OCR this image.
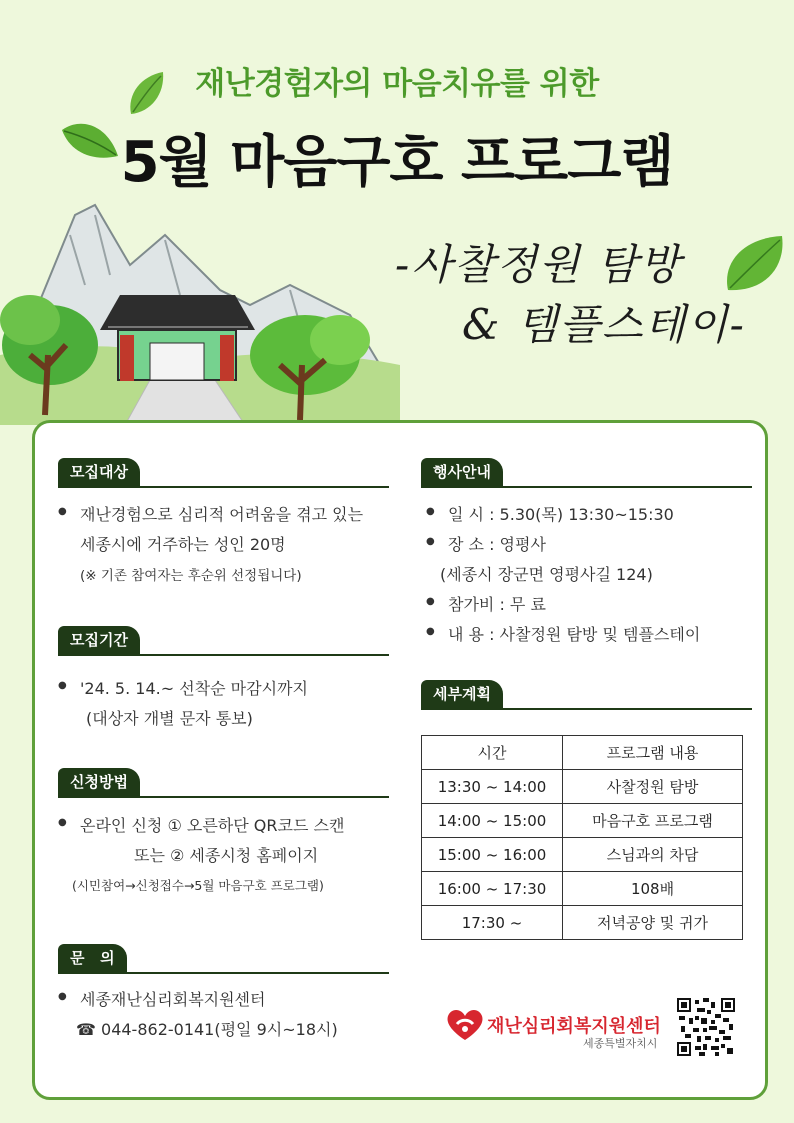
재난경험자의 마음치유를 위한
5월 마음구호 프로그램
-사찰정원 탐방
& 템플스테이-
모집대상
● 재난경험으로 심리적 어려움을 겪고 있는
세종시에 거주하는 성인 20명
(※ 기존 참여자는 후순위 선정됩니다)
모집기간
● '24. 5. 14.~ 선착순 마감시까지
(대상자 개별 문자 통보)
신청방법
● 온라인 신청 ① 오른하단 QR코드 스캔
또는 ② 세종시청 홈페이지
(시민참여→신청접수→5월 마음구호 프로그램)
문   의
● 세종재난심리회복지원센터
☎ 044-862-0141(평일 9시~18시)
행사안내
● 일 시 : 5.30(목) 13:30~15:30
● 장 소 : 영평사
(세종시 장군면 영평사길 124)
● 참가비 : 무 료
● 내 용 : 사찰정원 탐방 및 템플스테이
세부계획
시간	프로그램 내용
13:30 ~ 14:00	사찰정원 탐방
14:00 ~ 15:00	마음구호 프로그램
15:00 ~ 16:00	스님과의 차담
16:00 ~ 17:30	108배
17:30 ~	저녁공양 및 귀가
재난심리회복지원센터
세종특별자치시
